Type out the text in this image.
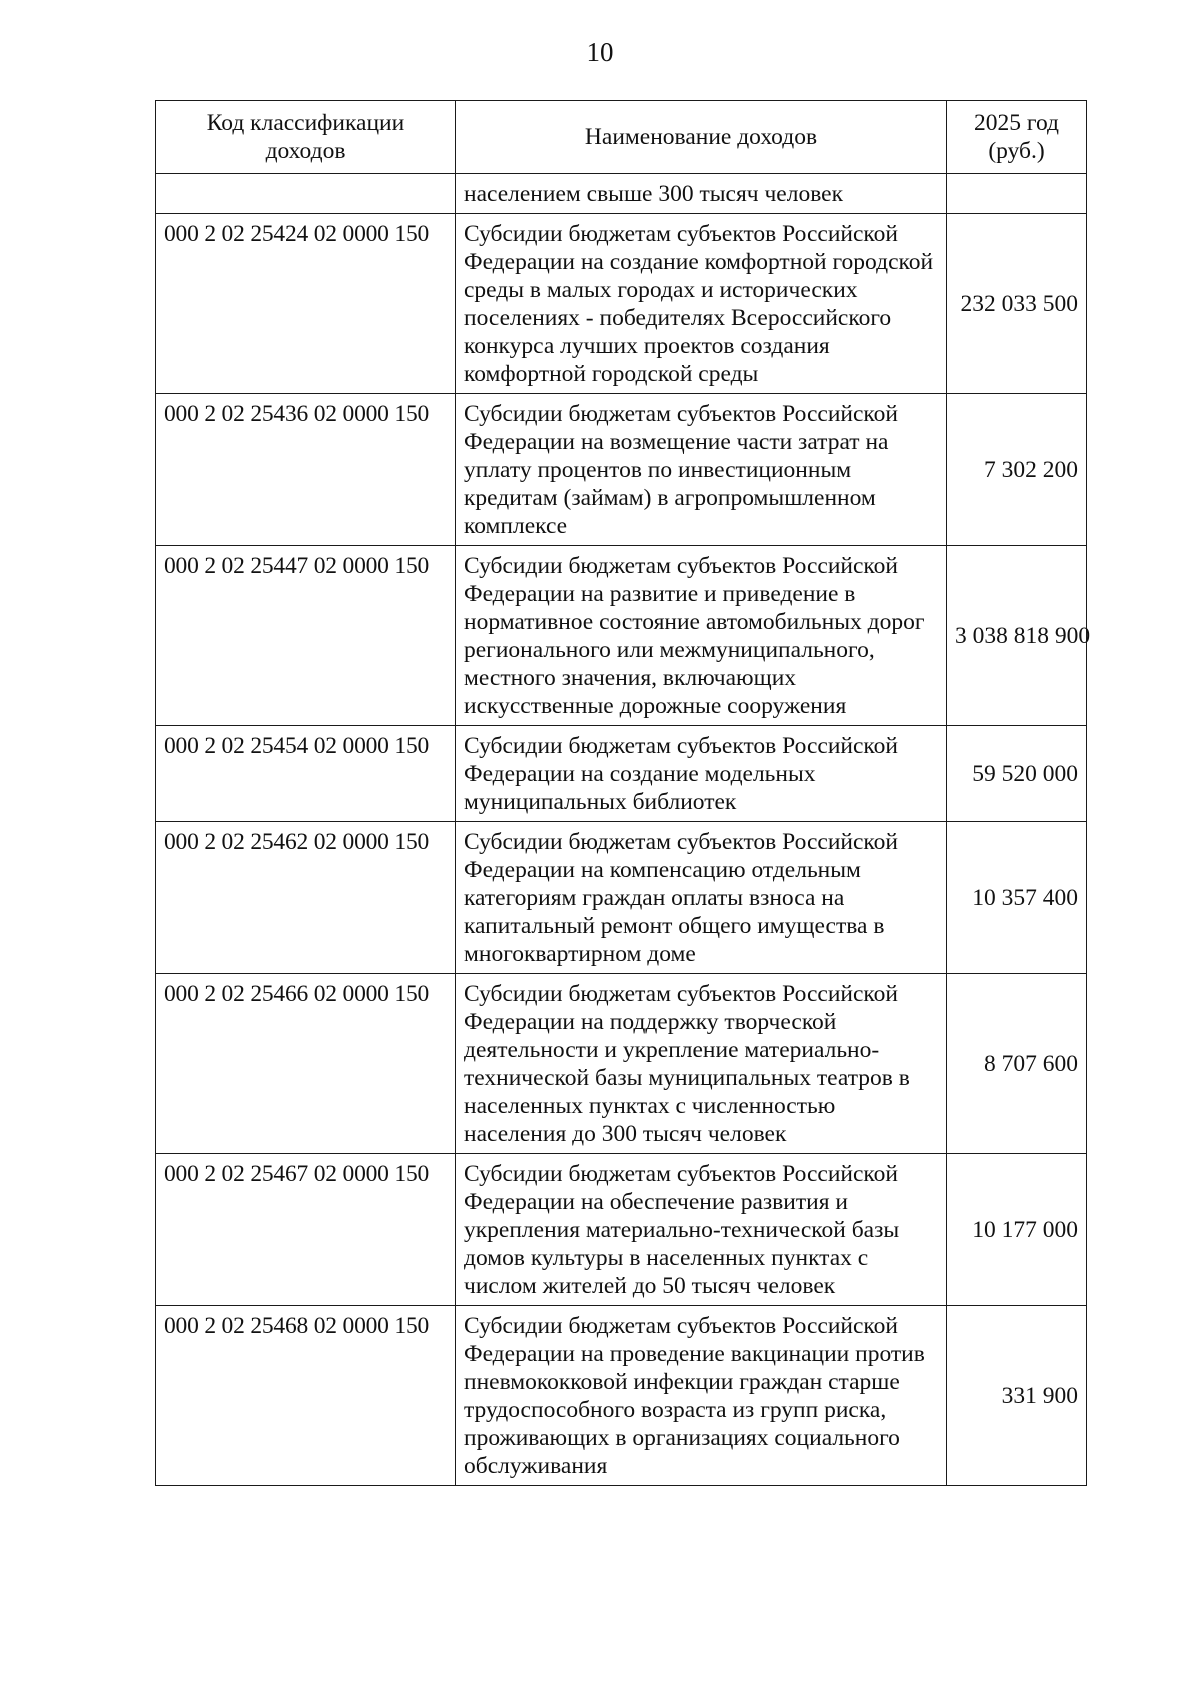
10
Код классификации доходов	Наименование доходов	2025 год (руб.)
	населением свыше 300 тысяч человек	
000 2 02 25424 02 0000 150	Субсидии бюджетам субъектов Российской Федерации на создание комфортной городской среды в малых городах и исторических поселениях - победителях Всероссийского конкурса лучших проектов создания комфортной городской среды	232 033 500
000 2 02 25436 02 0000 150	Субсидии бюджетам субъектов Российской Федерации на возмещение части затрат на уплату процентов по инвестиционным кредитам (займам) в агропромышленном комплексе	7 302 200
000 2 02 25447 02 0000 150	Субсидии бюджетам субъектов Российской Федерации на развитие и приведение в нормативное состояние автомобильных дорог регионального или межмуниципального, местного значения, включающих искусственные дорожные сооружения	3 038 818 900
000 2 02 25454 02 0000 150	Субсидии бюджетам субъектов Российской Федерации на создание модельных муниципальных библиотек	59 520 000
000 2 02 25462 02 0000 150	Субсидии бюджетам субъектов Российской Федерации на компенсацию отдельным категориям граждан оплаты взноса на капитальный ремонт общего имущества в многоквартирном доме	10 357 400
000 2 02 25466 02 0000 150	Субсидии бюджетам субъектов Российской Федерации на поддержку творческой деятельности и укрепление материально-технической базы муниципальных театров в населенных пунктах с численностью населения до 300 тысяч человек	8 707 600
000 2 02 25467 02 0000 150	Субсидии бюджетам субъектов Российской Федерации на обеспечение развития и укрепления материально-технической базы домов культуры в населенных пунктах с числом жителей до 50 тысяч человек	10 177 000
000 2 02 25468 02 0000 150	Субсидии бюджетам субъектов Российской Федерации на проведение вакцинации против пневмококковой инфекции граждан старше трудоспособного возраста из групп риска, проживающих в организациях социального обслуживания	331 900
